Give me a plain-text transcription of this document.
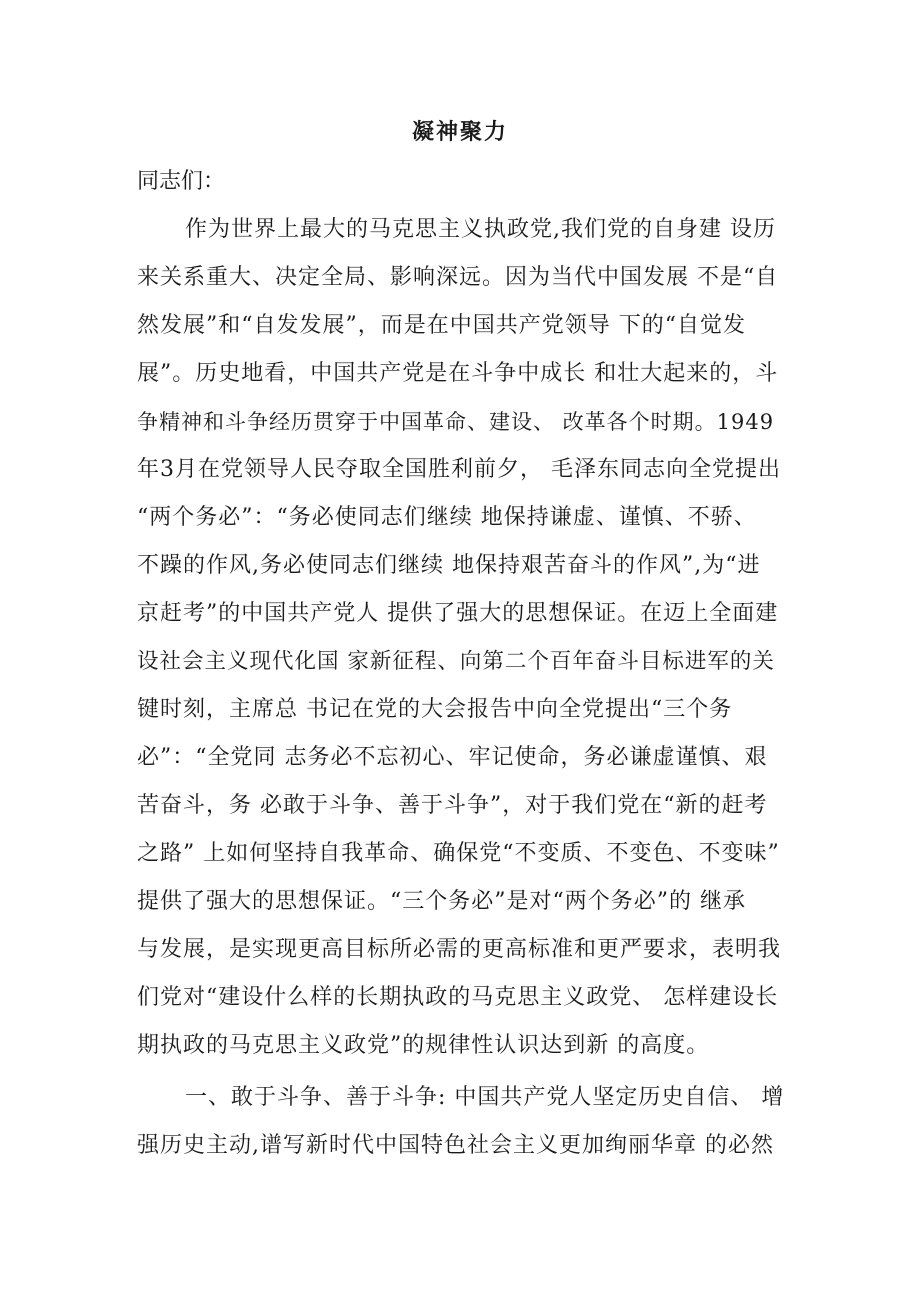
凝神聚力
同志们：
作为世界上最大的马克思主义执政党,我们党的自身建 设历
来关系重大、决定全局、影响深远。因为当代中国发展 不是“自
然发展”和“自发发展”，而是在中国共产党领导 下的“自觉发
展”。历史地看，中国共产党是在斗争中成长 和壮大起来的，斗
争精神和斗争经历贯穿于中国革命、建设、 改革各个时期。1949
年3月在党领导人民夺取全国胜利前夕， 毛泽东同志向全党提出
“两个务必”：“务必使同志们继续 地保持谦虚、谨慎、不骄、
不躁的作风,务必使同志们继续 地保持艰苦奋斗的作风”,为“进
京赶考”的中国共产党人 提供了强大的思想保证。在迈上全面建
设社会主义现代化国 家新征程、向第二个百年奋斗目标进军的关
键时刻，主席总 书记在党的大会报告中向全党提出“三个务
必”：“全党同 志务必不忘初心、牢记使命，务必谦虚谨慎、艰
苦奋斗，务 必敢于斗争、善于斗争”，对于我们党在“新的赶考
之路” 上如何坚持自我革命、确保党“不变质、不变色、不变味”
提供了强大的思想保证。“三个务必”是对“两个务必”的 继承
与发展，是实现更高目标所必需的更高标准和更严要求，表明我
们党对“建设什么样的长期执政的马克思主义政党、 怎样建设长
期执政的马克思主义政党”的规律性认识达到新 的高度。
一、敢于斗争、善于斗争: 中国共产党人坚定历史自信、 增
强历史主动,谱写新时代中国特色社会主义更加绚丽华章 的必然
